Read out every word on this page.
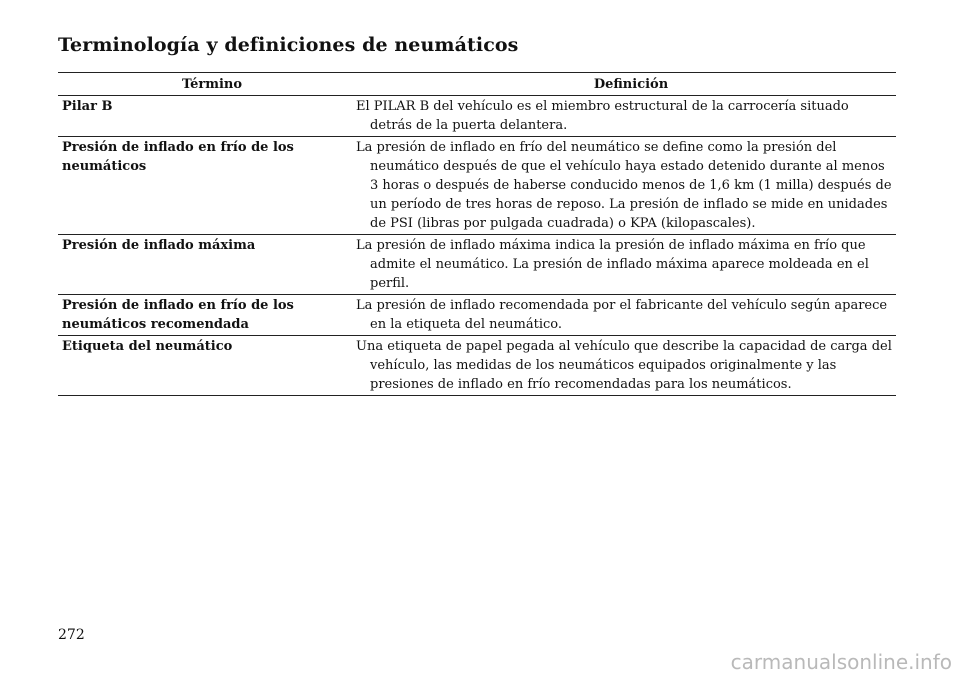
Terminología y definiciones de neumáticos
Término	Definición
Pilar B	El PILAR B del vehículo es el miembro estructural de la carrocería situado detrás de la puerta delantera.
Presión de inflado en frío de los neumáticos	La presión de inflado en frío del neumático se define como la presión del neumático después de que el vehículo haya estado detenido durante al menos 3 horas o después de haberse conducido menos de 1,6 km (1 milla) después de un período de tres horas de reposo. La presión de inflado se mide en unidades de PSI (libras por pulgada cuadrada) o KPA (kilopascales).
Presión de inflado máxima	La presión de inflado máxima indica la presión de inflado máxima en frío que admite el neumático. La presión de inflado máxima aparece moldeada en el perfil.
Presión de inflado en frío de los neumáticos recomendada	La presión de inflado recomendada por el fabricante del vehículo según aparece en la etiqueta del neumático.
Etiqueta del neumático	Una etiqueta de papel pegada al vehículo que describe la capacidad de carga del vehículo, las medidas de los neumáticos equipados originalmente y las presiones de inflado en frío recomendadas para los neumáticos.
272
carmanualsonline.info
